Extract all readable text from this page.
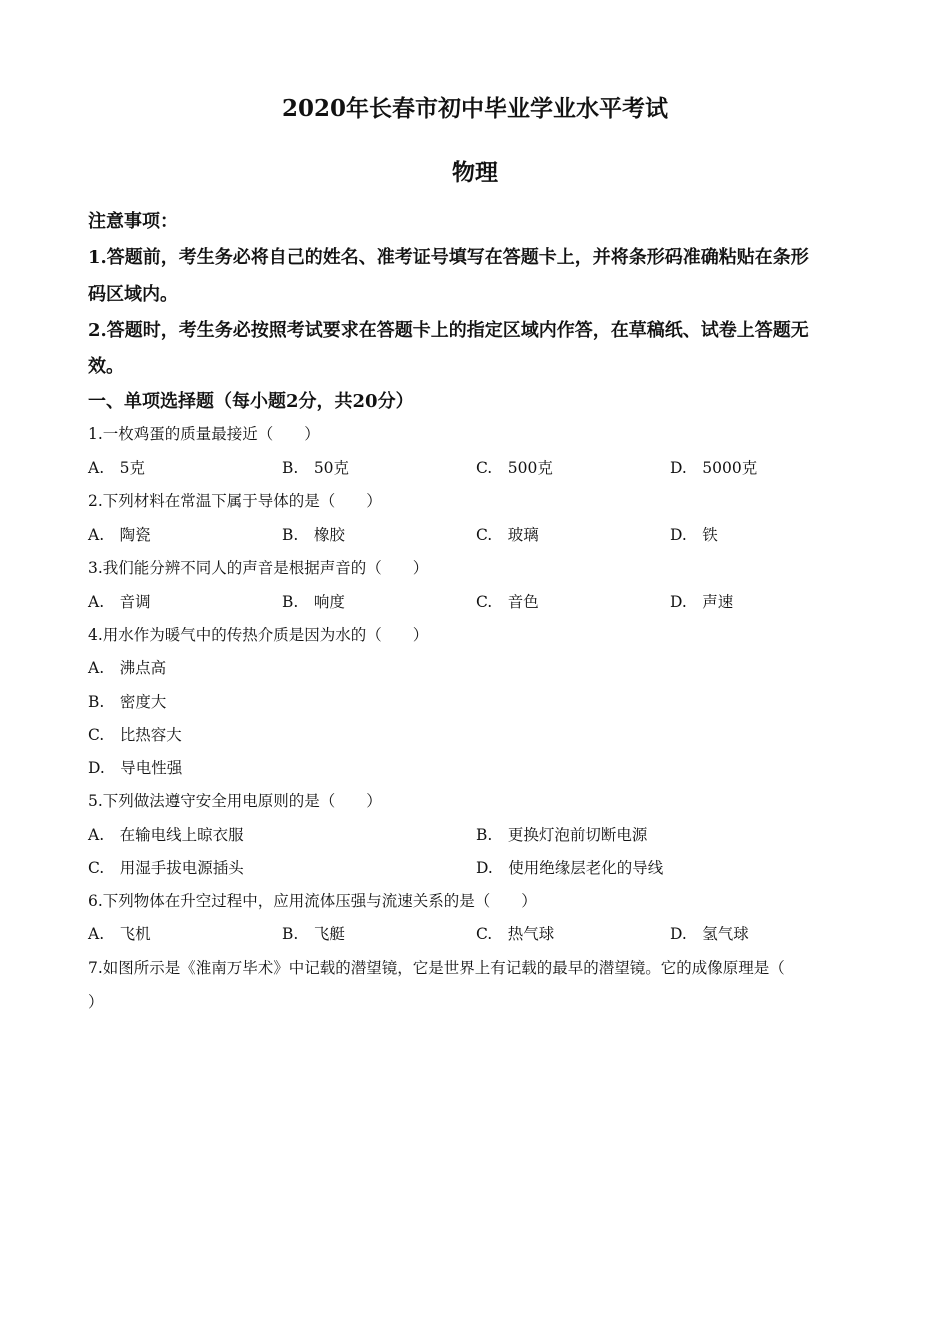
2020年长春市初中毕业学业水平考试
物理
注意事项：
1.答题前，考生务必将自己的姓名、准考证号填写在答题卡上，并将条形码准确粘贴在条形
码区域内。
2.答题时，考生务必按照考试要求在答题卡上的指定区域内作答，在草稿纸、试卷上答题无
效。
一、单项选择题（每小题2分，共20分）
1.一枚鸡蛋的质量最接近（　　）
A.　5克	B.　50克	C.　500克	D.　5000克
2.下列材料在常温下属于导体的是（　　）
A.　陶瓷	B.　橡胶	C.　玻璃	D.　铁
3.我们能分辨不同人的声音是根据声音的（　　）
A.　音调	B.　响度	C.　音色	D.　声速
4.用水作为暖气中的传热介质是因为水的（　　）
A.　沸点高
B.　密度大
C.　比热容大
D.　导电性强
5.下列做法遵守安全用电原则的是（　　）
A.　在输电线上晾衣服	B.　更换灯泡前切断电源
C.　用湿手拔电源插头	D.　使用绝缘层老化的导线
6.下列物体在升空过程中，应用流体压强与流速关系的是（　　）
A.　飞机	B.　飞艇	C.　热气球	D.　氢气球
7.如图所示是《淮南万毕术》中记载的潜望镜，它是世界上有记载的最早的潜望镜。它的成像原理是（
）
